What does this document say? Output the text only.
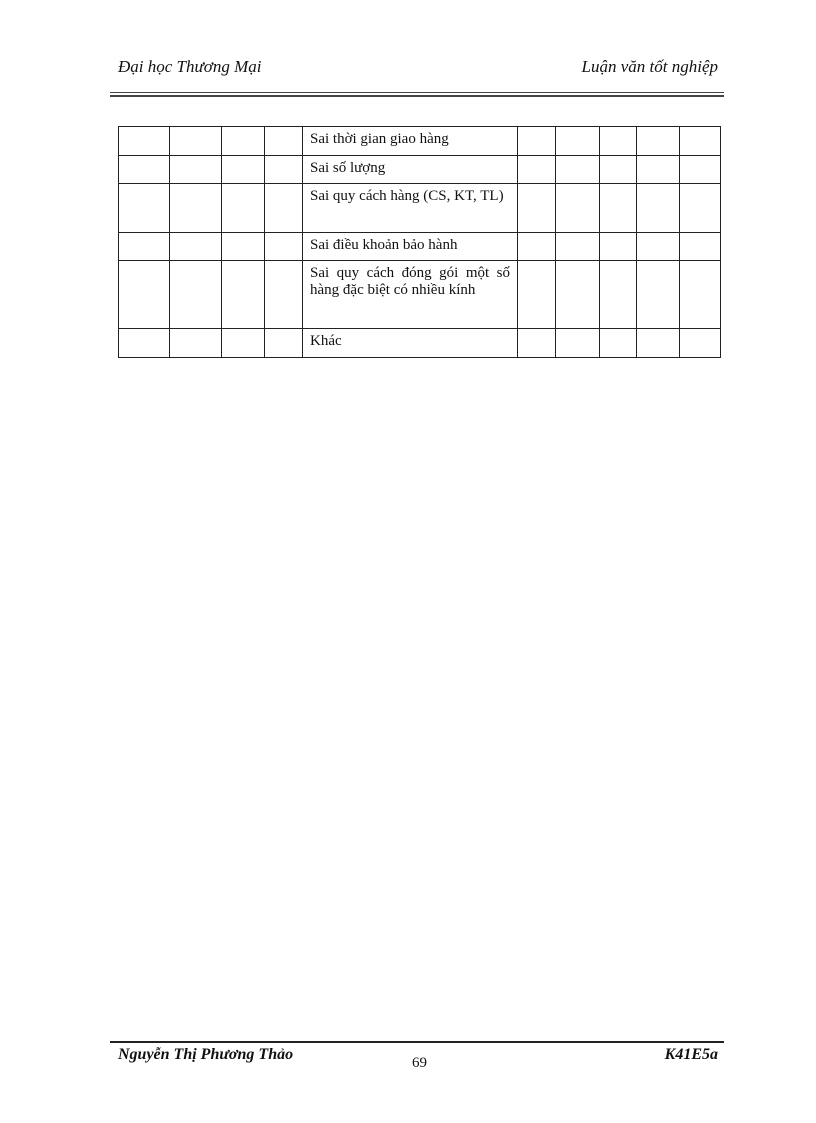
Đại học Thương Mại	Luận văn tốt nghiệp
				Sai thời gian giao hàng					
				Sai số lượng					
				Sai quy cách hàng (CS, KT, TL)					
				Sai điều khoản bảo hành					
				Sai quy cách đóng gói một số hàng đặc biệt có nhiều kính					
				Khác					
Nguyễn Thị Phương Thảo	69	K41E5a
